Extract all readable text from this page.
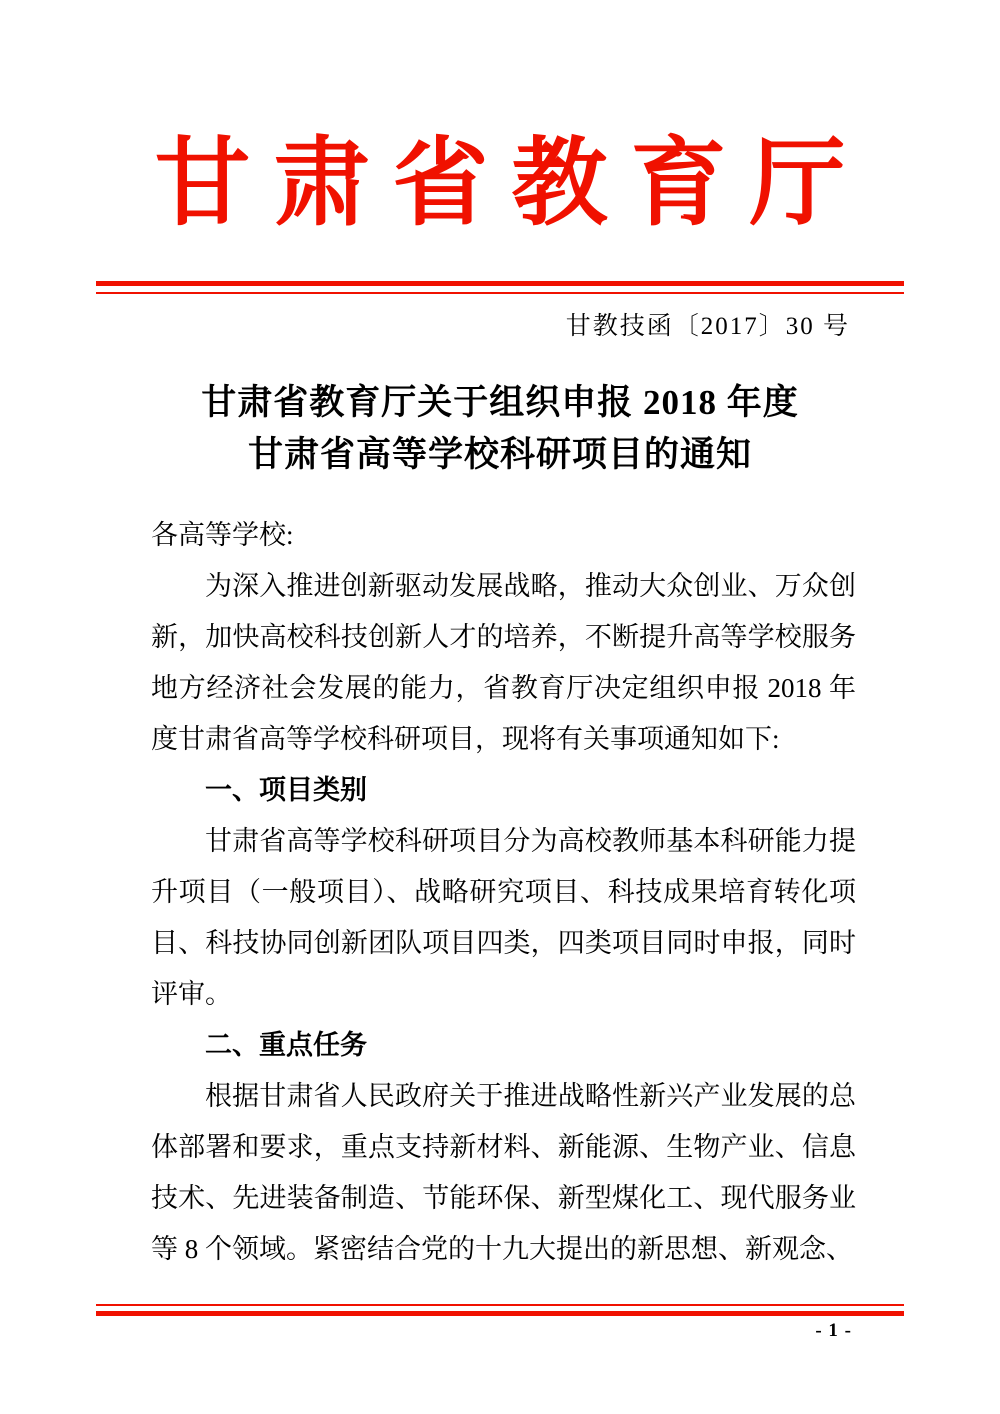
甘肃省教育厅
甘教技函〔2017〕30 号
甘肃省教育厅关于组织申报 2018 年度
甘肃省高等学校科研项目的通知

各高等学校:

为深入推进创新驱动发展战略，推动大众创业、万众创新，加快高校科技创新人才的培养，不断提升高等学校服务地方经济社会发展的能力，省教育厅决定组织申报 2018 年度甘肃省高等学校科研项目，现将有关事项通知如下:

一、项目类别

甘肃省高等学校科研项目分为高校教师基本科研能力提升项目（一般项目）、战略研究项目、科技成果培育转化项目、科技协同创新团队项目四类，四类项目同时申报，同时评审。

二、重点任务

根据甘肃省人民政府关于推进战略性新兴产业发展的总体部署和要求，重点支持新材料、新能源、生物产业、信息技术、先进装备制造、节能环保、新型煤化工、现代服务业等 8 个领域。紧密结合党的十九大提出的新思想、新观念、

- 1 -
